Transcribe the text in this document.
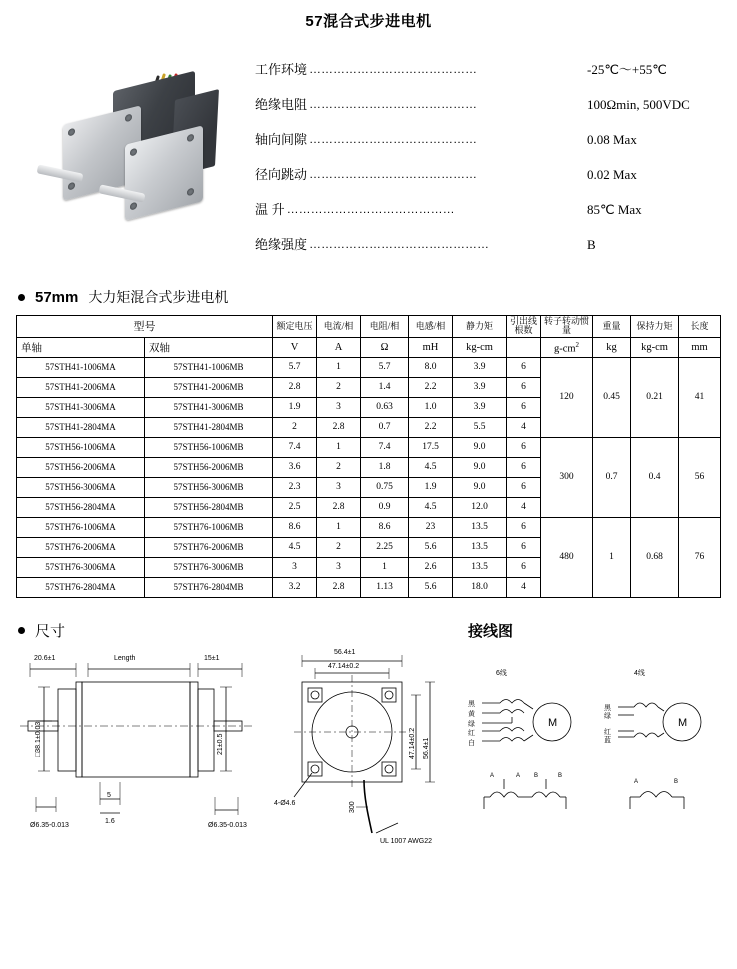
57混合式步进电机
工作环境 ……………………………………	-25℃～+55℃
绝缘电阻 ……………………………………	100Ωmin, 500VDC
轴向间隙 ……………………………………	0.08 Max
径向跳动 ……………………………………	0.02 Max
温 升 ……………………………………	85℃ Max
绝缘强度 ………………………………………	B
57mm 大力矩混合式步进电机
型号		额定电压	电流/相	电阻/相	电感/相	静力矩	引出线根数	转子转动惯量	重量	保持力矩	长度
单轴	双轴	V	A	Ω	mH	kg-cm		$g-cm^2$	kg	kg-cm	mm
57STH41-1006MA	57STH41-1006MB	5.7	1	5.7	8.0	3.9	6	120	0.45	0.21	41
57STH41-2006MA	57STH41-2006MB	2.8	2	1.4	2.2	3.9	6				
57STH41-3006MA	57STH41-3006MB	1.9	3	0.63	1.0	3.9	6				
57STH41-2804MA	57STH41-2804MB	2	2.8	0.7	2.2	5.5	4				
57STH56-1006MA	57STH56-1006MB	7.4	1	7.4	17.5	9.0	6	300	0.7	0.4	56
57STH56-2006MA	57STH56-2006MB	3.6	2	1.8	4.5	9.0	6				
57STH56-3006MA	57STH56-3006MB	2.3	3	0.75	1.9	9.0	6				
57STH56-2804MA	57STH56-2804MB	2.5	2.8	0.9	4.5	12.0	4				
57STH76-1006MA	57STH76-1006MB	8.6	1	8.6	23	13.5	6	480	1	0.68	76
57STH76-2006MA	57STH76-2006MB	4.5	2	2.25	5.6	13.5	6				
57STH76-3006MA	57STH76-3006MB	3	3	1	2.6	13.5	6				
57STH76-2804MA	57STH76-2804MB	3.2	2.8	1.13	5.6	18.0	4				
尺寸	接线图
20.6±1	Length	15±1
□38.1±0.03	21±0.5
Ø6.35-0.013	Ø6.35-0.013
5
1.6
56.4±1
47.14±0.2
47.14±0.2 56.4±1
4-Ø4.6	300
UL 1007 AWG22
6线
M
黑
黄
绿
红
白
A	A B	B
4线
M
黑
绿
红
蓝
A	B
